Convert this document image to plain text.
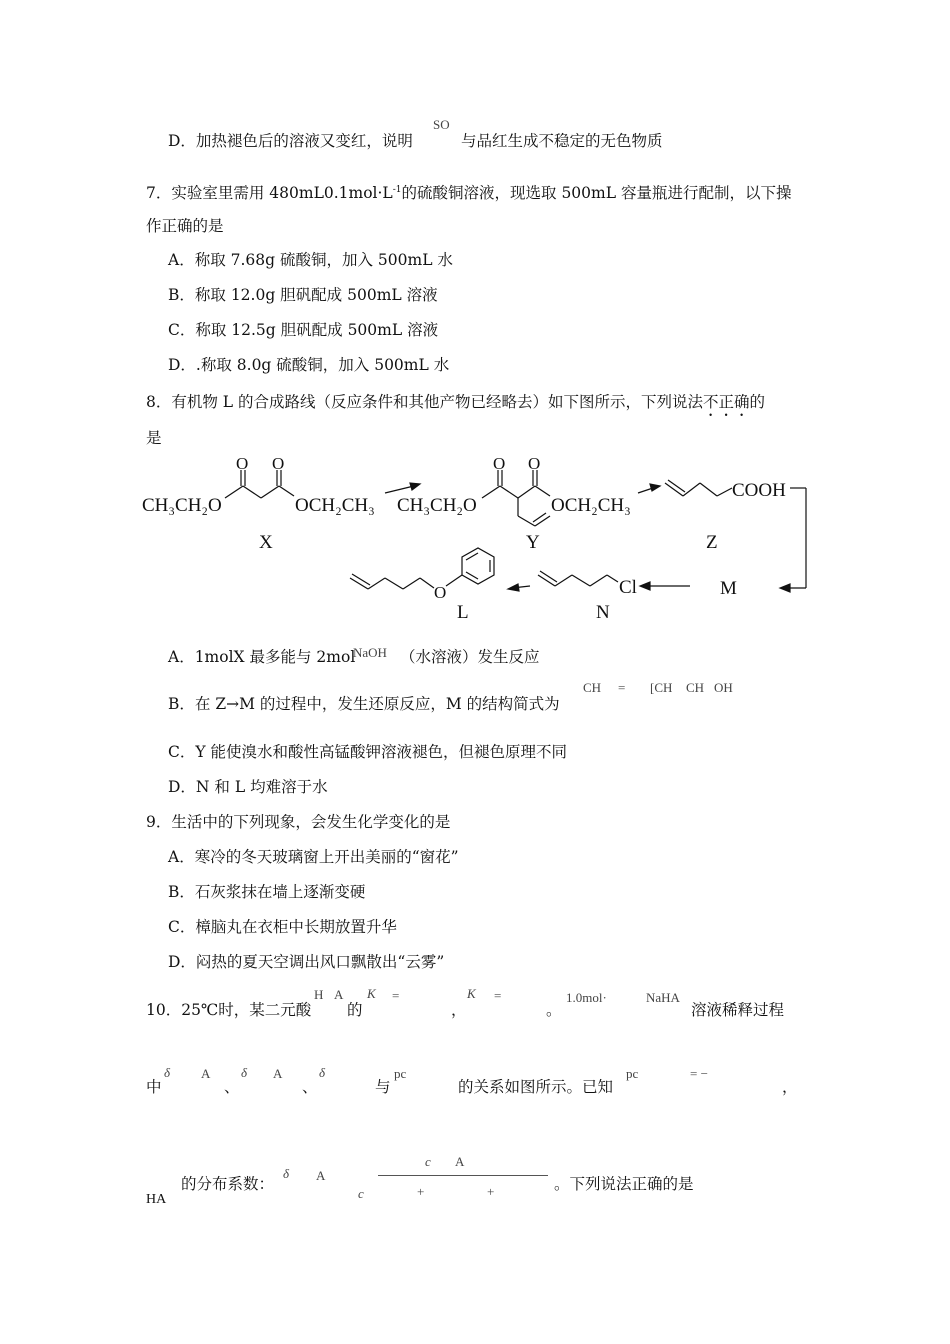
D．加热褪色后的溶液又变红，说明
SO
与品红生成不稳定的无色物质
7．实验室里需用 $480mL0.1mol\cdot L^{-1}$的硫酸铜溶液，现选取 500mL 容量瓶进行配制，以下操
作正确的是
A．称取 7.68g 硫酸铜，加入 500mL 水
B．称取 12.0g 胆矾配成 500mL 溶液
C．称取 12.5g 胆矾配成 500mL 溶液
D．.称取 8.0g 硫酸铜，加入 500mL 水
8．有机物 L 的合成路线（反应条件和其他产物已经略去）如下图所示，下列说法不正确的
是
CH₃CH₂O	OCH₂CH₃
O O
CH₃CH₂O	OCH₂CH₃
O O
COOH
Cl
O
X	Y	Z
M
N
L
A．1molX 最多能与 2mol
NaOH （水溶液）发生反应
B．在 Z→M 的过程中，发生还原反应，M 的结构简式为
CH = [CH CH OH
C．Y 能使溴水和酸性高锰酸钾溶液褪色，但褪色原理不同
D．N 和 L 均难溶于水
9．生活中的下列现象，会发生化学变化的是
A．寒冷的冬天玻璃窗上开出美丽的“窗花”
B．石灰浆抹在墙上逐渐变硬
C．樟脑丸在衣柜中长期放置升华
D．闷热的夏天空调出风口飘散出“云雾”
10．25℃时，某二元酸
H A
的
K =
，
K =
。
1.0mol·	NaHA
溶液稀释过程
中
δ A
、
δ A
、
δ
与
pc
的关系如图所示。已知
pc	= −
，
HA
的分布系数：
δ A
c A
c	+	+	。下列说法正确的是
